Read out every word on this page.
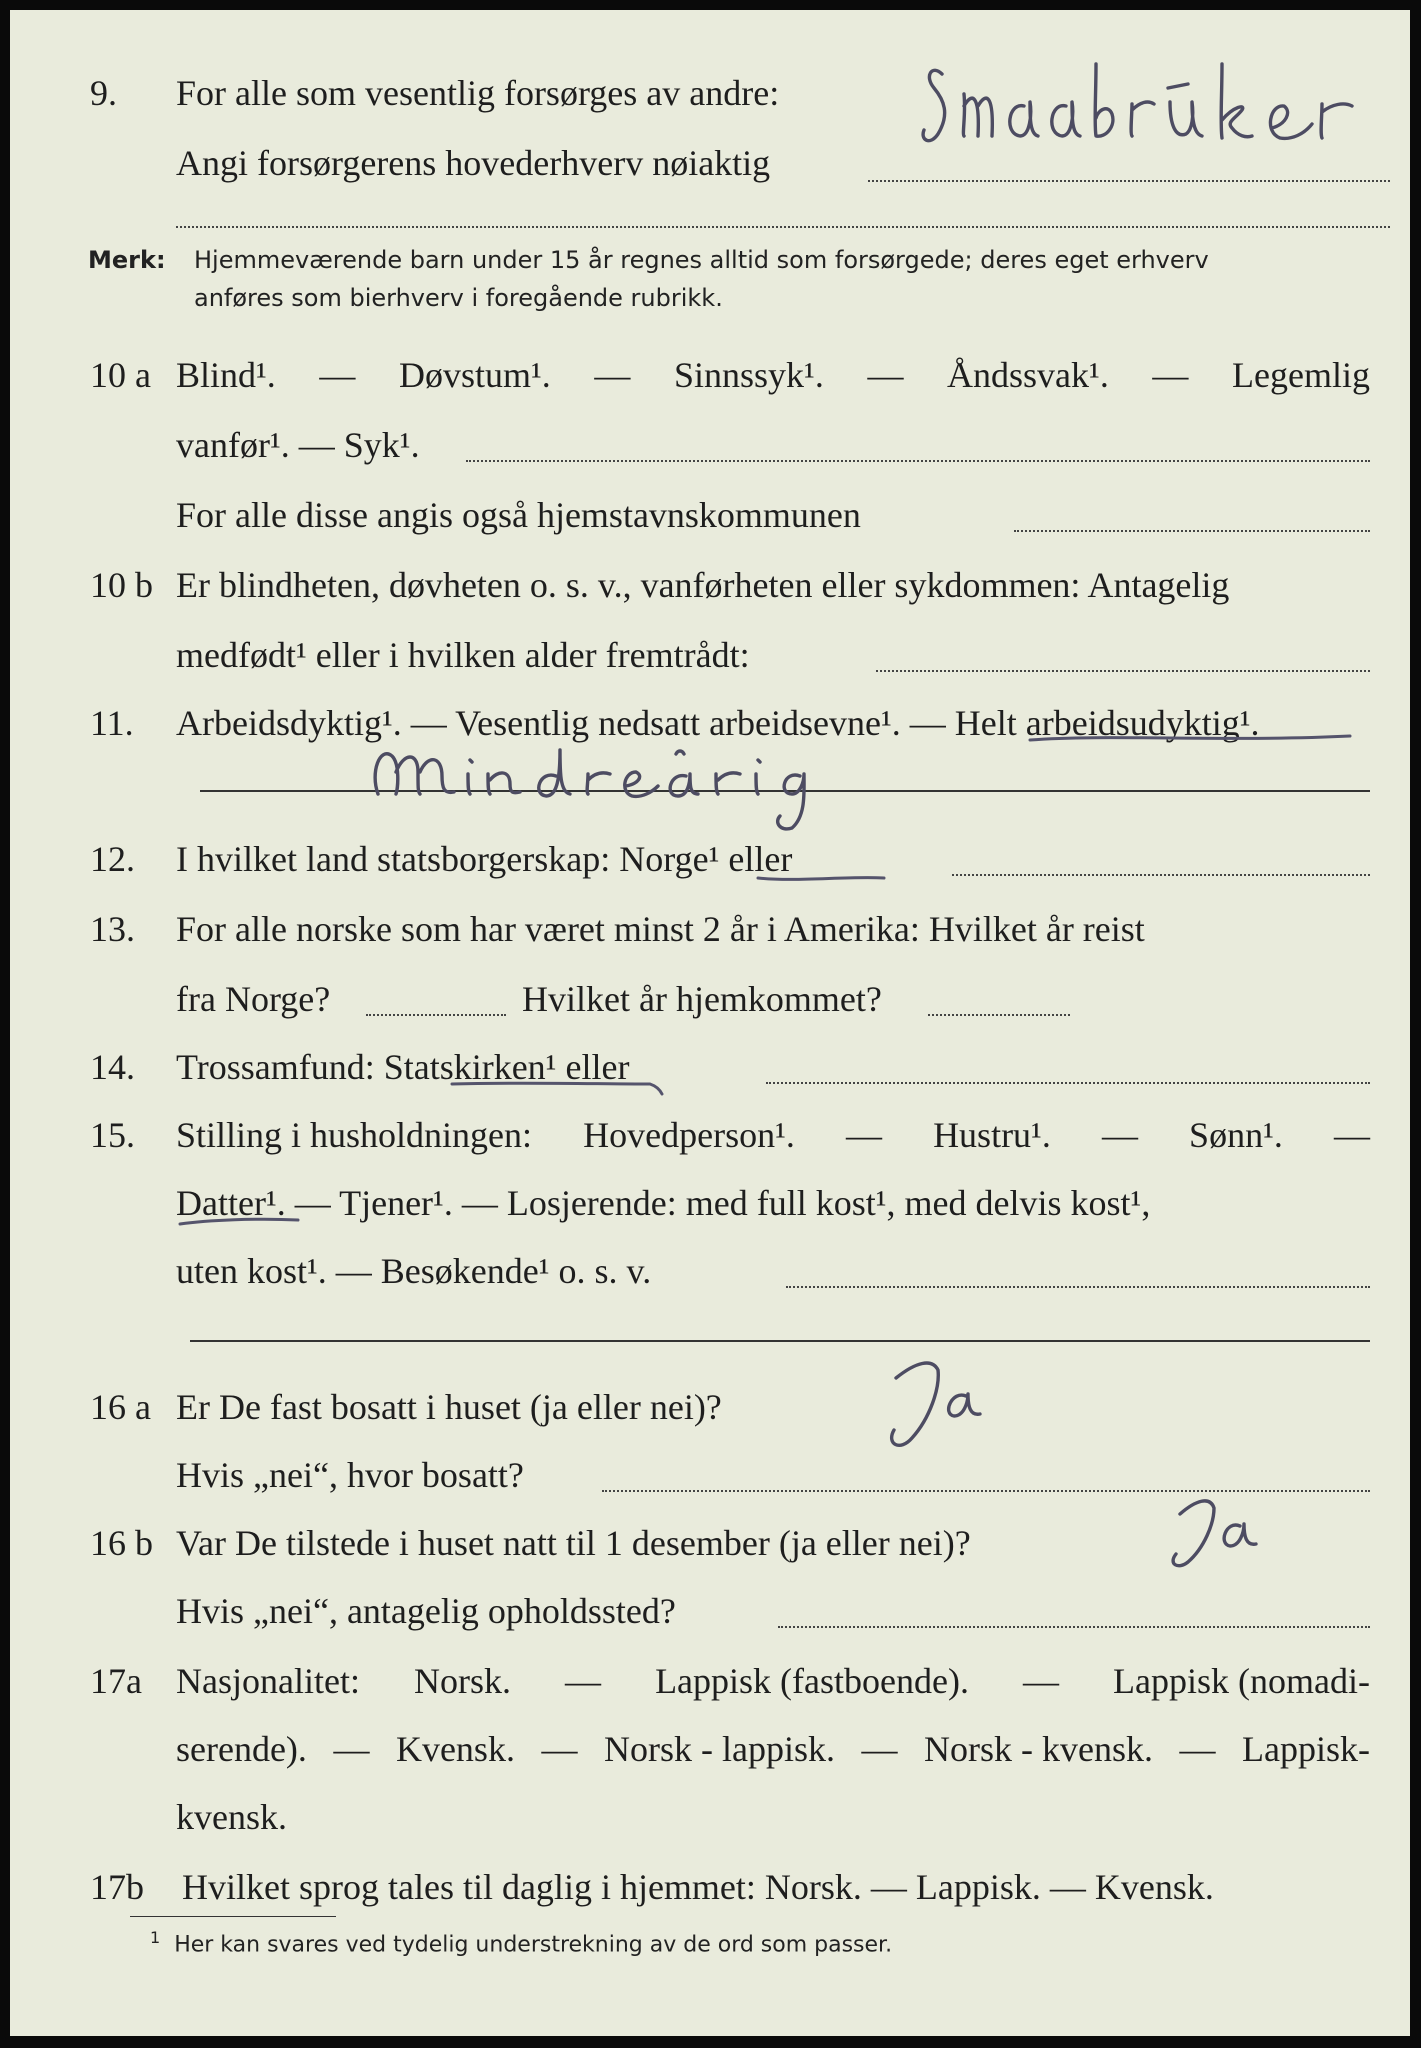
9. For alle som vesentlig forsørges av andre:
Angi forsørgerens hovederhverv nøiaktig
Merk: Hjemmeværende barn under 15 år regnes alltid som forsørgede; deres eget erhverv
anføres som bierhverv i foregående rubrikk.
10 a Blind¹. — Døvstum¹. — Sinnssyk¹. — Åndssvak¹. — Legemlig
vanfør¹. — Syk¹.
For alle disse angis også hjemstavnskommunen
10 b Er blindheten, døvheten o. s. v., vanførheten eller sykdommen: Antagelig
medfødt¹ eller i hvilken alder fremtrådt:
11. Arbeidsdyktig¹. — Vesentlig nedsatt arbeidsevne¹. — Helt arbeidsudyktig¹.
12. I hvilket land statsborgerskap: Norge¹ eller
13. For alle norske som har været minst 2 år i Amerika: Hvilket år reist
fra Norge?	Hvilket år hjemkommet?
14. Trossamfund: Statskirken¹ eller
15. Stilling i husholdningen: Hovedperson¹. — Hustru¹. — Sønn¹. —
Datter¹. — Tjener¹. — Losjerende: med full kost¹, med delvis kost¹,
uten kost¹. — Besøkende¹ o. s. v.
16 a Er De fast bosatt i huset (ja eller nei)?
Hvis „nei“, hvor bosatt?
16 b Var De tilstede i huset natt til 1 desember (ja eller nei)?
Hvis „nei“, antagelig opholdssted?
17a Nasjonalitet: Norsk. — Lappisk (fastboende). — Lappisk (nomadi-
serende). — Kvensk. — Norsk - lappisk. — Norsk - kvensk. — Lappisk-
kvensk.
17b Hvilket sprog tales til daglig i hjemmet: Norsk. — Lappisk. — Kvensk.
$^1$ Her kan svares ved tydelig understrekning av de ord som passer.
